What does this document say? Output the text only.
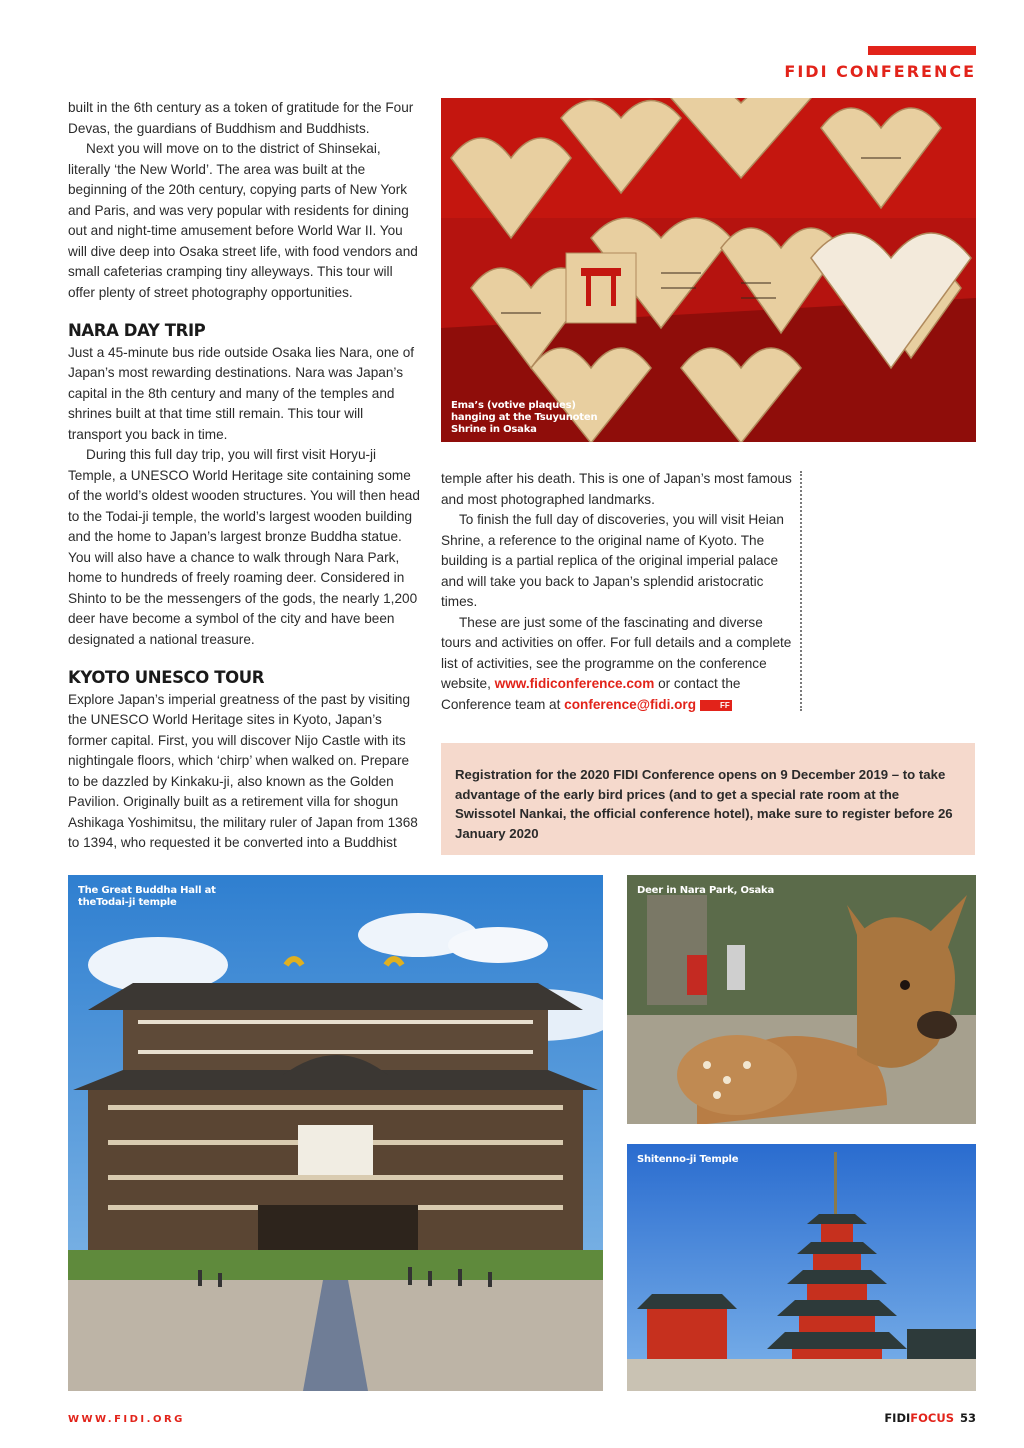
FIDI CONFERENCE
Ema’s (votive plaques) hanging at the Tsuyunoten Shrine in Osaka

built in the 6th century as a token of gratitude for the Four Devas, the guardians of Buddhism and Buddhists.

Next you will move on to the district of Shinsekai, literally ‘the New World’. The area was built at the beginning of the 20th century, copying parts of New York and Paris, and was very popular with residents for dining out and night-time amusement before World War II. You will dive deep into Osaka street life, with food vendors and small cafeterias cramping tiny alleyways. This tour will offer plenty of street photography opportunities.

NARA DAY TRIP

Just a 45-minute bus ride outside Osaka lies Nara, one of Japan’s most rewarding destinations. Nara was Japan’s capital in the 8th century and many of the temples and shrines built at that time still remain. This tour will transport you back in time.

During this full day trip, you will first visit Horyu-ji Temple, a UNESCO World Heritage site containing some of the world’s oldest wooden structures. You will then head to the Todai-ji temple, the world’s largest wooden building and the home to Japan’s largest bronze Buddha statue. You will also have a chance to walk through Nara Park, home to hundreds of freely roaming deer. Considered in Shinto to be the messengers of the gods, the nearly 1,200 deer have become a symbol of the city and have been designated a national treasure.

KYOTO UNESCO TOUR

Explore Japan’s imperial greatness of the past by visiting the UNESCO World Heritage sites in Kyoto, Japan’s former capital. First, you will discover Nijo Castle with its nightingale floors, which ‘chirp’ when walked on. Prepare to be dazzled by Kinkaku-ji, also known as the Golden Pavilion. Originally built as a retirement villa for shogun Ashikaga Yoshimitsu, the military ruler of Japan from 1368 to 1394, who requested it be converted into a Buddhist

temple after his death. This is one of Japan’s most famous and most photographed landmarks.

To finish the full day of discoveries, you will visit Heian Shrine, a reference to the original name of Kyoto. The building is a partial replica of the original imperial palace and will take you back to Japan’s splendid aristocratic times.

These are just some of the fascinating and diverse tours and activities on offer. For full details and a complete list of activities, see the programme on the conference website, www.fidiconference.com or contact the Conference team at conference@fidi.org	FF

Registration for the 2020 FIDI Conference opens on 9 December 2019 – to take advantage of the early bird prices (and to get a special rate room at the Swissotel Nankai, the official conference hotel), make sure to register before 26 January 2020

The Great Buddha Hall at
theTodai-ji temple
Deer in Nara Park, Osaka
Shitenno-ji Temple
WWW.FIDI.ORG	FIDIFOCUS 53
